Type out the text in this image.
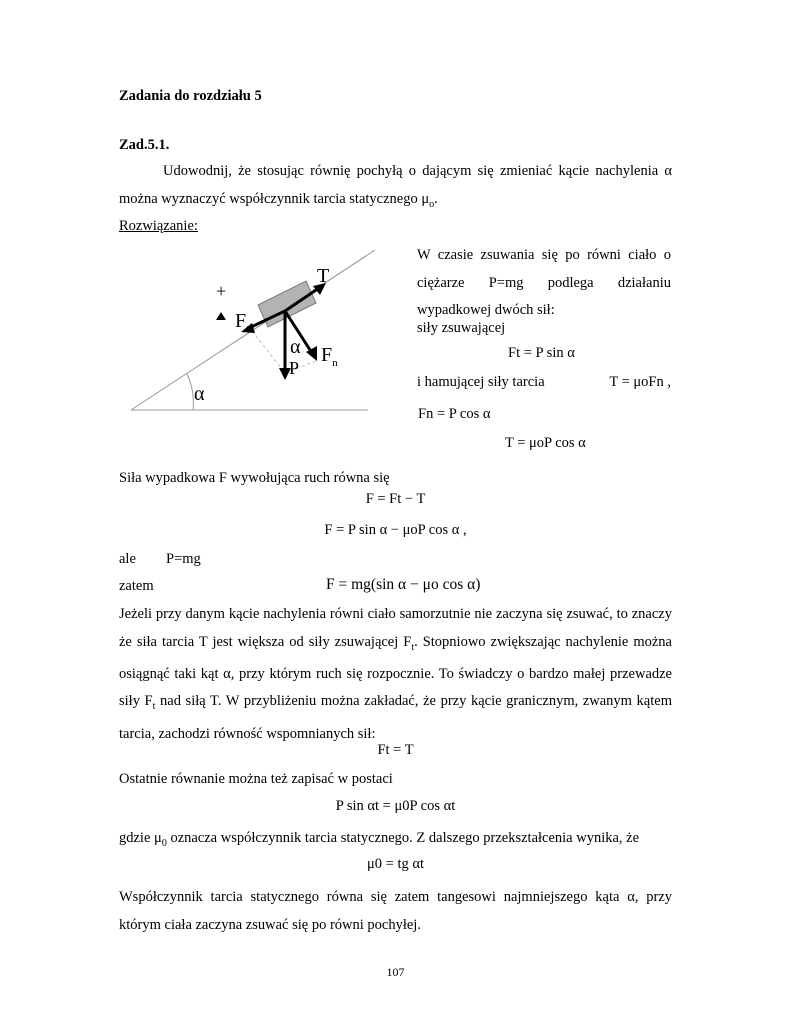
Zadania do rozdziału 5
Zad.5.1.
Udowodnij, że stosując równię pochyłą o dającym się zmieniać kącie nachylenia α
można wyznaczyć współczynnik tarcia statycznego $\mu_o$.
Rozwiązanie:
+
T
$F_t$
α
P
$F_n$
α
W czasie zsuwania się po równi ciało o ciężarze P=mg podlega działaniu wypadkowej dwóch sił:
siły zsuwającej
Ft = P sin α
i hamującej siły tarcia	T = μoFn ,
Fn = P cos α
T = μoP cos α
Siła wypadkowa F wywołująca ruch równa się
F = Ft − T
F = P sin α − μoP cos α ,
ale P=mg
zatem	F = mg(sin α − μo cos α)
Jeżeli przy danym kącie nachylenia równi ciało samorzutnie nie zaczyna się zsuwać, to znaczy że siła tarcia T jest większa od siły zsuwającej $F_t$. Stopniowo zwiększając nachylenie można osiągnąć taki kąt α, przy którym ruch się rozpocznie. To świadczy o bardzo małej przewadze siły $F_t$ nad siłą T. W przybliżeniu można zakładać, że przy kącie granicznym, zwanym kątem tarcia, zachodzi równość wspomnianych sił:
Ft = T
Ostatnie równanie można też zapisać w postaci
P sin αt = μ0P cos αt
gdzie $\mu_0$ oznacza współczynnik tarcia statycznego. Z dalszego przekształcenia wynika, że
μ0 = tg αt
Współczynnik tarcia statycznego równa się zatem tangesowi najmniejszego kąta α, przy którym ciała zaczyna zsuwać się po równi pochyłej.
107
